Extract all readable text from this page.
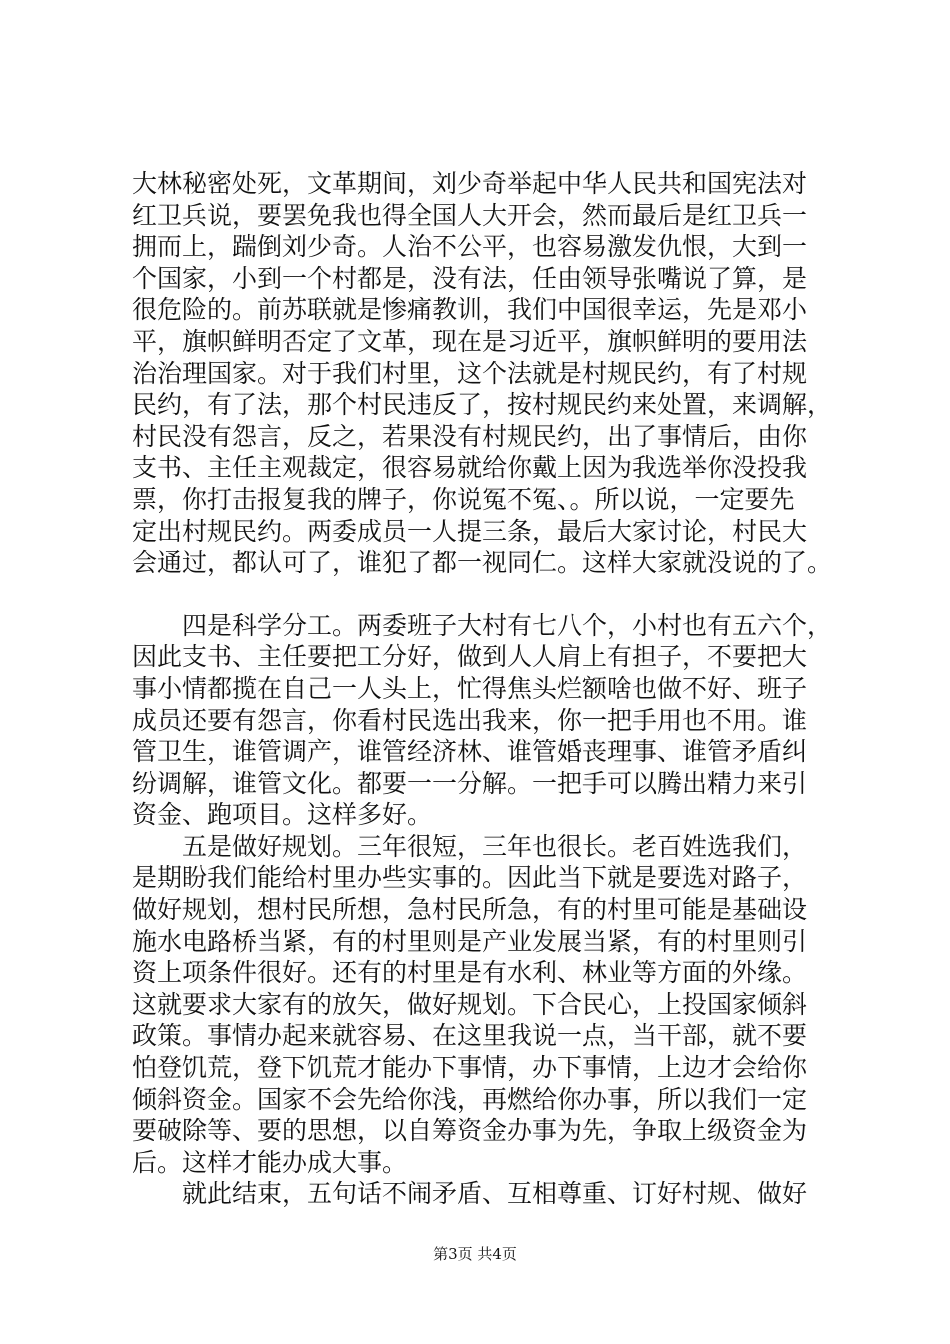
大林秘密处死，文革期间，刘少奇举起中华人民共和国宪法对
红卫兵说，要罢免我也得全国人大开会，然而最后是红卫兵一
拥而上，踹倒刘少奇。人治不公平，也容易激发仇恨，大到一
个国家，小到一个村都是，没有法，任由领导张嘴说了算，是
很危险的。前苏联就是惨痛教训，我们中国很幸运，先是邓小
平，旗帜鲜明否定了文革，现在是习近平，旗帜鲜明的要用法
治治理国家。对于我们村里，这个法就是村规民约，有了村规
民约，有了法，那个村民违反了，按村规民约来处置，来调解，
村民没有怨言，反之，若果没有村规民约，出了事情后，由你
支书、主任主观裁定，很容易就给你戴上因为我选举你没投我
票，你打击报复我的牌子，你说冤不冤、。所以说，一定要先
定出村规民约。两委成员一人提三条，最后大家讨论，村民大
会通过，都认可了，谁犯了都一视同仁。这样大家就没说的了。
　　四是科学分工。两委班子大村有七八个，小村也有五六个，
因此支书、主任要把工分好，做到人人肩上有担子，不要把大
事小情都揽在自己一人头上，忙得焦头烂额啥也做不好、班子
成员还要有怨言，你看村民选出我来，你一把手用也不用。谁
管卫生，谁管调产，谁管经济林、谁管婚丧理事、谁管矛盾纠
纷调解，谁管文化。都要一一分解。一把手可以腾出精力来引
资金、跑项目。这样多好。
　　五是做好规划。三年很短，三年也很长。老百姓选我们，
是期盼我们能给村里办些实事的。因此当下就是要选对路子，
做好规划，想村民所想，急村民所急，有的村里可能是基础设
施水电路桥当紧，有的村里则是产业发展当紧，有的村里则引
资上项条件很好。还有的村里是有水利、林业等方面的外缘。
这就要求大家有的放矢，做好规划。下合民心，上投国家倾斜
政策。事情办起来就容易、在这里我说一点，当干部，就不要
怕登饥荒，登下饥荒才能办下事情，办下事情，上边才会给你
倾斜资金。国家不会先给你浅，再燃给你办事，所以我们一定
要破除等、要的思想，以自筹资金办事为先，争取上级资金为
后。这样才能办成大事。
　　就此结束，五句话不闹矛盾、互相尊重、订好村规、做好
第3页 共4页
